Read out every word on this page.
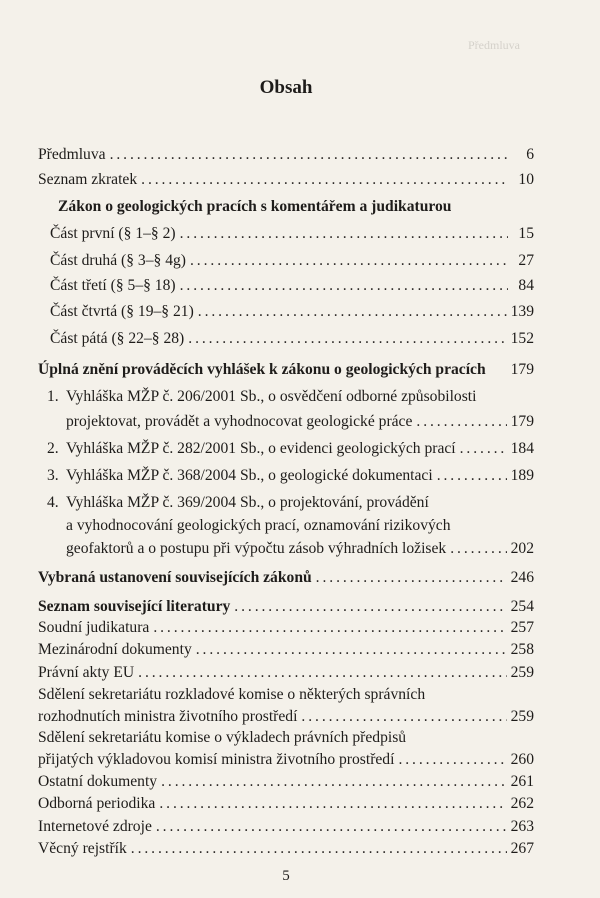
Předmluva
Obsah
Předmluva . . .	6
Seznam zkratek . . .	10
Zákon o geologických pracích s komentářem a judikaturou
Část první (§ 1–§ 2) . . .	15
Část druhá (§ 3–§ 4g) . . .	27
Část třetí (§ 5–§ 18) . . .	84
Část čtvrtá (§ 19–§ 21) . . .	139
Část pátá (§ 22–§ 28) . . .	152
Úplná znění prováděcích vyhlášek k zákonu o geologických pracích 179
1. Vyhláška MŽP č. 206/2001 Sb., o osvědčení odborné způsobilosti
projektovat, provádět a vyhodnocovat geologické práce . . .	179
2. Vyhláška MŽP č. 282/2001 Sb., o evidenci geologických prací . . .	184
3. Vyhláška MŽP č. 368/2004 Sb., o geologické dokumentaci . . .	189
4. Vyhláška MŽP č. 369/2004 Sb., o projektování, provádění
a vyhodnocování geologických prací, oznamování rizikových
geofaktorů a o postupu při výpočtu zásob výhradních ložisek . . .	202
Vybraná ustanovení souvisejících zákonů . . .	246
Seznam související literatury . . .	254
Soudní judikatura . . .	257
Mezinárodní dokumenty . . .	258
Právní akty EU . . .	259
Sdělení sekretariátu rozkladové komise o některých správních
rozhodnutích ministra životního prostředí . . .	259
Sdělení sekretariátu komise o výkladech právních předpisů
přijatých výkladovou komisí ministra životního prostředí . . .	260
Ostatní dokumenty . . .	261
Odborná periodika . . .	262
Internetové zdroje . . .	263
Věcný rejstřík . . .	267
5
